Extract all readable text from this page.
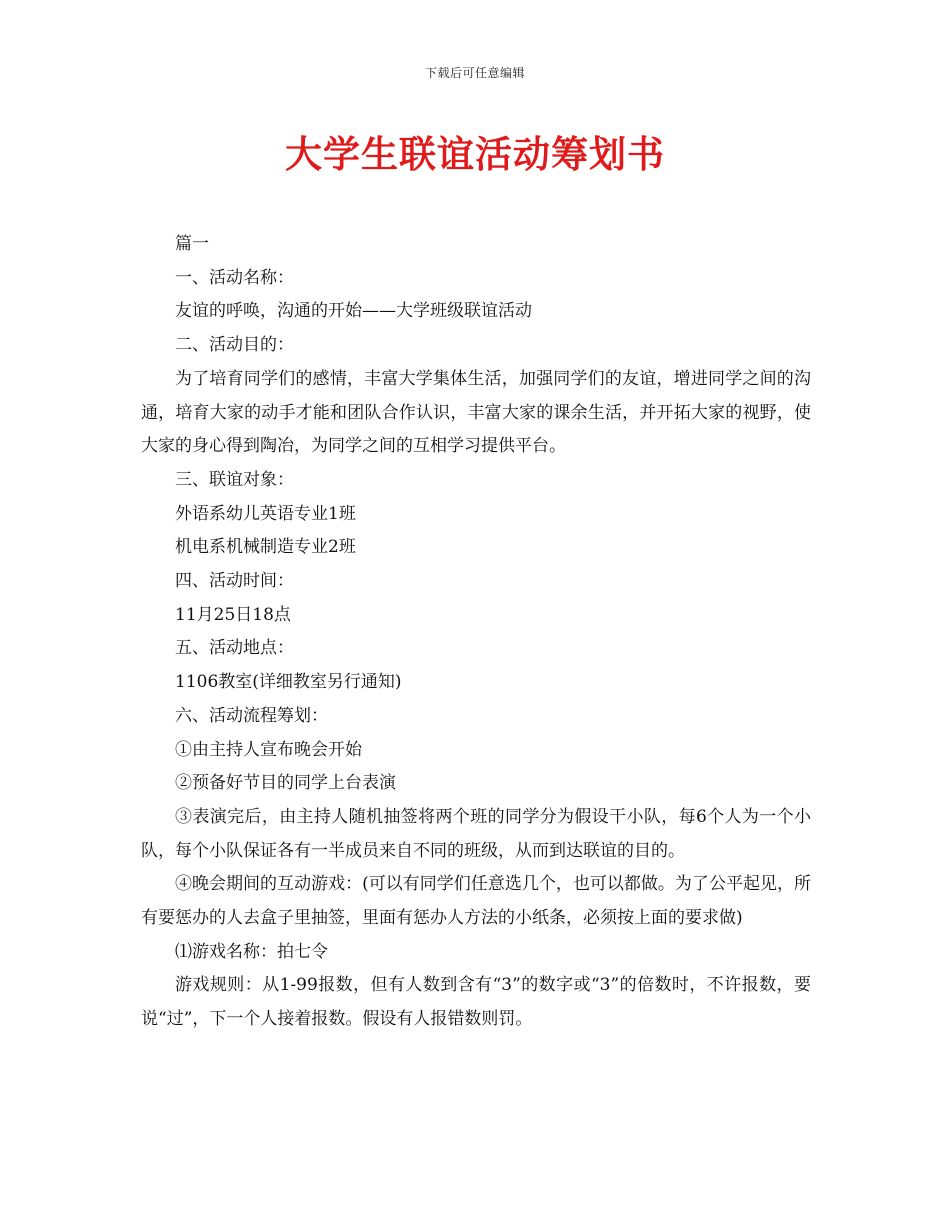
下载后可任意编辑
大学生联谊活动筹划书

篇一

一、活动名称：

友谊的呼唤，沟通的开始——大学班级联谊活动

二、活动目的：

为了培育同学们的感情，丰富大学集体生活，加强同学们的友谊，增进同学之间的沟通，培育大家的动手才能和团队合作认识，丰富大家的课余生活，并开拓大家的视野，使大家的身心得到陶冶，为同学之间的互相学习提供平台。

三、联谊对象：

外语系幼儿英语专业1班

机电系机械制造专业2班

四、活动时间：

11月25日18点

五、活动地点：

1106教室(详细教室另行通知)

六、活动流程筹划：

①由主持人宣布晚会开始

②预备好节目的同学上台表演

③表演完后，由主持人随机抽签将两个班的同学分为假设干小队，每6个人为一个小队，每个小队保证各有一半成员来自不同的班级，从而到达联谊的目的。

④晚会期间的互动游戏：(可以有同学们任意选几个，也可以都做。为了公平起见，所有要惩办的人去盒子里抽签，里面有惩办人方法的小纸条，必须按上面的要求做)

⑴游戏名称：拍七令

游戏规则：从1-99报数，但有人数到含有“3”的数字或“3”的倍数时，不许报数，要说“过”，下一个人接着报数。假设有人报错数则罚。
